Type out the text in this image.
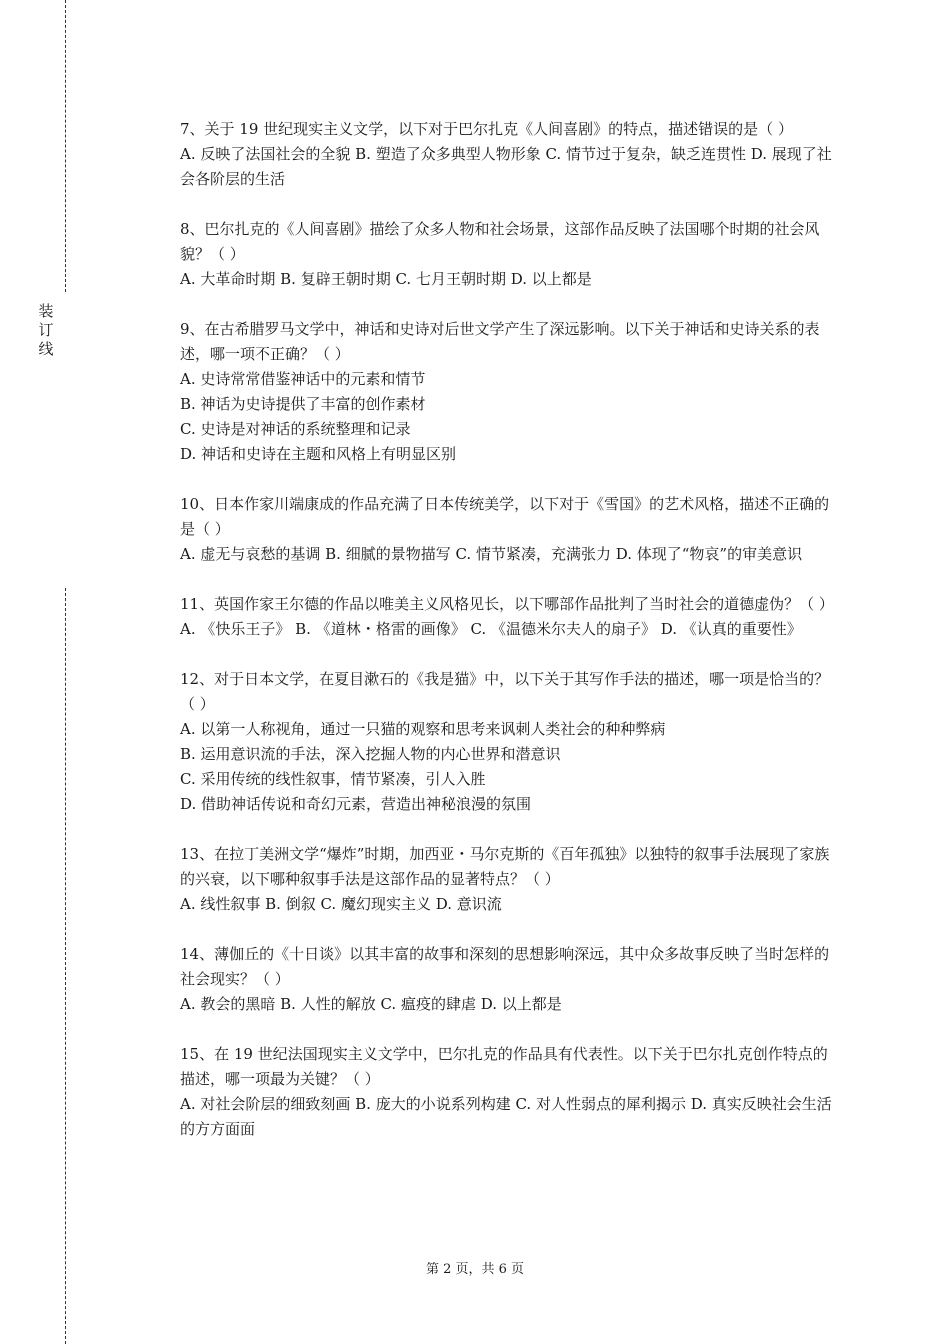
装
订
线

7、关于 19 世纪现实主义文学，以下对于巴尔扎克《人间喜剧》的特点，描述错误的是（ ）

A. 反映了法国社会的全貌 B. 塑造了众多典型人物形象 C. 情节过于复杂，缺乏连贯性 D. 展现了社会各阶层的生活

8、巴尔扎克的《人间喜剧》描绘了众多人物和社会场景，这部作品反映了法国哪个时期的社会风貌？（ ）

A. 大革命时期 B. 复辟王朝时期 C. 七月王朝时期 D. 以上都是

9、在古希腊罗马文学中，神话和史诗对后世文学产生了深远影响。以下关于神话和史诗关系的表述，哪一项不正确？（ ）

A. 史诗常常借鉴神话中的元素和情节

B. 神话为史诗提供了丰富的创作素材

C. 史诗是对神话的系统整理和记录

D. 神话和史诗在主题和风格上有明显区别

10、日本作家川端康成的作品充满了日本传统美学，以下对于《雪国》的艺术风格，描述不正确的是（ ）

A. 虚无与哀愁的基调 B. 细腻的景物描写 C. 情节紧凑，充满张力 D. 体现了“物哀”的审美意识

11、英国作家王尔德的作品以唯美主义风格见长，以下哪部作品批判了当时社会的道德虚伪？（ ）

A. 《快乐王子》 B. 《道林・格雷的画像》 C. 《温德米尔夫人的扇子》 D. 《认真的重要性》

12、对于日本文学，在夏目漱石的《我是猫》中，以下关于其写作手法的描述，哪一项是恰当的？（ ）

A. 以第一人称视角，通过一只猫的观察和思考来讽刺人类社会的种种弊病

B. 运用意识流的手法，深入挖掘人物的内心世界和潜意识

C. 采用传统的线性叙事，情节紧凑，引人入胜

D. 借助神话传说和奇幻元素，营造出神秘浪漫的氛围

13、在拉丁美洲文学“爆炸”时期，加西亚・马尔克斯的《百年孤独》以独特的叙事手法展现了家族的兴衰，以下哪种叙事手法是这部作品的显著特点？（ ）

A. 线性叙事 B. 倒叙 C. 魔幻现实主义 D. 意识流

14、薄伽丘的《十日谈》以其丰富的故事和深刻的思想影响深远，其中众多故事反映了当时怎样的社会现实？（ ）

A. 教会的黑暗 B. 人性的解放 C. 瘟疫的肆虐 D. 以上都是

15、在 19 世纪法国现实主义文学中，巴尔扎克的作品具有代表性。以下关于巴尔扎克创作特点的描述，哪一项最为关键？（ ）

A. 对社会阶层的细致刻画 B. 庞大的小说系列构建 C. 对人性弱点的犀利揭示 D. 真实反映社会生活的方方面面

第 2 页，共 6 页
